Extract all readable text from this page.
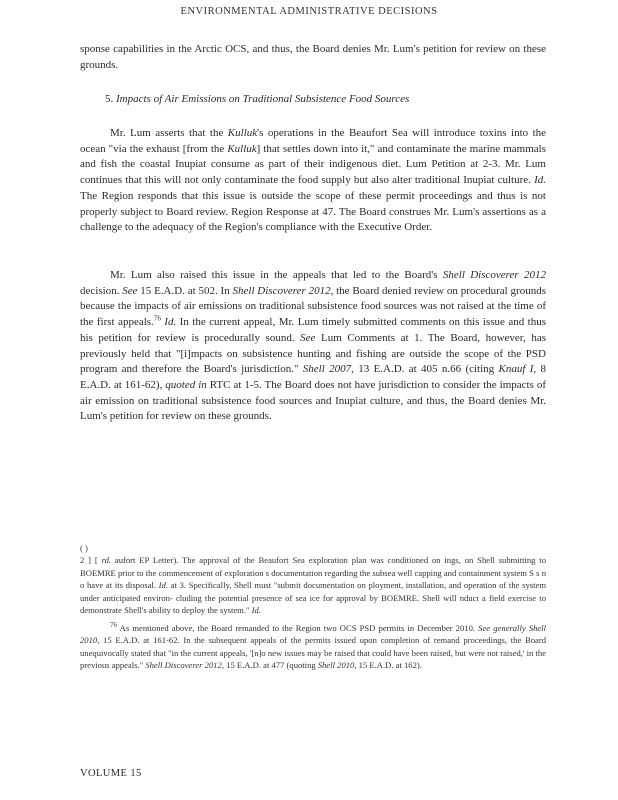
ENVIRONMENTAL ADMINISTRATIVE DECISIONS
sponse capabilities in the Arctic OCS, and thus, the Board denies Mr. Lum's petition for review on these grounds.
5. Impacts of Air Emissions on Traditional Subsistence Food Sources
Mr. Lum asserts that the Kulluk's operations in the Beaufort Sea will introduce toxins into the ocean "via the exhaust [from the Kulluk] that settles down into it," and contaminate the marine mammals and fish the coastal Inupiat consume as part of their indigenous diet. Lum Petition at 2-3. Mr. Lum continues that this will not only contaminate the food supply but also alter traditional Inupiat culture. Id. The Region responds that this issue is outside the scope of these permit proceedings and thus is not properly subject to Board review. Region Response at 47. The Board construes Mr. Lum's assertions as a challenge to the adequacy of the Region's compliance with the Executive Order.
Mr. Lum also raised this issue in the appeals that led to the Board's Shell Discoverer 2012 decision. See 15 E.A.D. at 502. In Shell Discoverer 2012, the Board denied review on procedural grounds because the impacts of air emissions on traditional subsistence food sources was not raised at the time of the first appeals.$^{76}$ Id. In the current appeal, Mr. Lum timely submitted comments on this issue and thus his petition for review is procedurally sound. See Lum Comments at 1. The Board, however, has previously held that "[i]mpacts on subsistence hunting and fishing are outside the scope of the PSD program and therefore the Board's jurisdiction." Shell 2007, 13 E.A.D. at 405 n.66 (citing Knauf I, 8 E.A.D. at 161-62), quoted in RTC at 1-5. The Board does not have jurisdiction to consider the impacts of air emission on traditional subsistence food sources and Inupiat culture, and thus, the Board denies Mr. Lum's petition for review on these grounds.
( )
2 ] [ rd. aufort EP Letter). The approval of the Beaufort Sea exploration plan was conditioned on ings, on Shell submitting to BOEMRE prior to the commencement of exploration s documentation regarding the subsea well capping and containment system S s n o have at its disposal. Id. at 3. Specifically, Shell must "submit documentation on ployment, installation, and operation of the system under anticipated environ- cluding the potential presence of sea ice for approval by BOEMRE. Shell will nduct a field exercise to demonstrate Shell's ability to deploy the system." Id.
$^{76}$ As mentioned above, the Board remanded to the Region two OCS PSD permits in December 2010. See generally Shell 2010, 15 E.A.D. at 161-62. In the subsequent appeals of the permits issued upon completion of remand proceedings, the Board unequivocally stated that "in the current appeals, '[n]o new issues may be raised that could have been raised, but were not raised,' in the previous appeals." Shell Discoverer 2012, 15 E.A.D. at 477 (quoting Shell 2010, 15 E.A.D. at 162).
VOLUME 15
